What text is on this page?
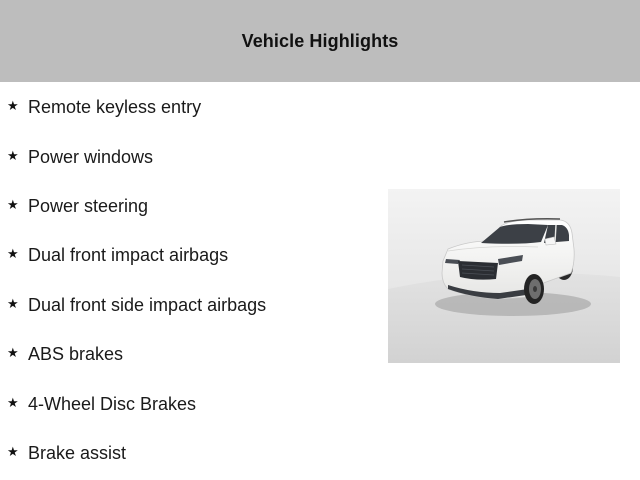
Vehicle Highlights
★ Remote keyless entry
★ Power windows
★ Power steering
★ Dual front impact airbags
★ Dual front side impact airbags
★ ABS brakes
★ 4-Wheel Disc Brakes
★ Brake assist
